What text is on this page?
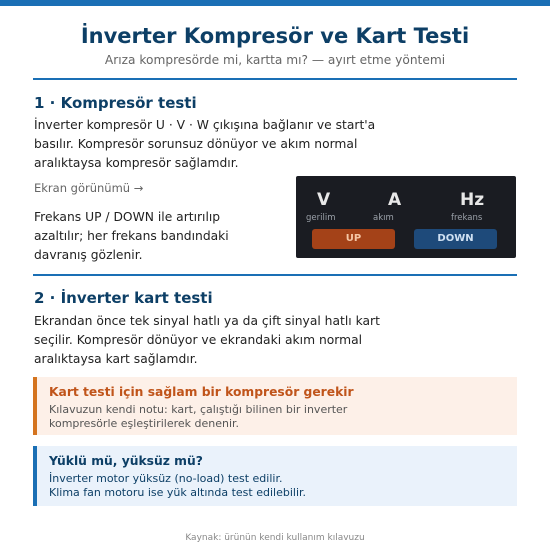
İnverter Kompresör ve Kart Testi
Arıza kompresörde mi, kartta mı? — ayırt etme yöntemi
1 · Kompresör testi
İnverter kompresör U · V · W çıkışına bağlanır ve start'a
basılır. Kompresör sorunsuz dönüyor ve akım normal
aralıktaysa kompresör sağlamdır.
Ekran görünümü →
Frekans UP / DOWN ile artırılıp
azaltılır; her frekans bandındaki
davranış gözlenir.
V
gerilim
A
akım
Hz
frekans
UP	DOWN
2 · İnverter kart testi
Ekrandan önce tek sinyal hatlı ya da çift sinyal hatlı kart
seçilir. Kompresör dönüyor ve ekrandaki akım normal
aralıktaysa kart sağlamdır.
Kart testi için sağlam bir kompresör gerekir
Kılavuzun kendi notu: kart, çalıştığı bilinen bir inverter
kompresörle eşleştirilerek denenir.
Yüklü mü, yüksüz mü?
İnverter motor yüksüz (no-load) test edilir.
Klima fan motoru ise yük altında test edilebilir.
Kaynak: ürünün kendi kullanım kılavuzu
